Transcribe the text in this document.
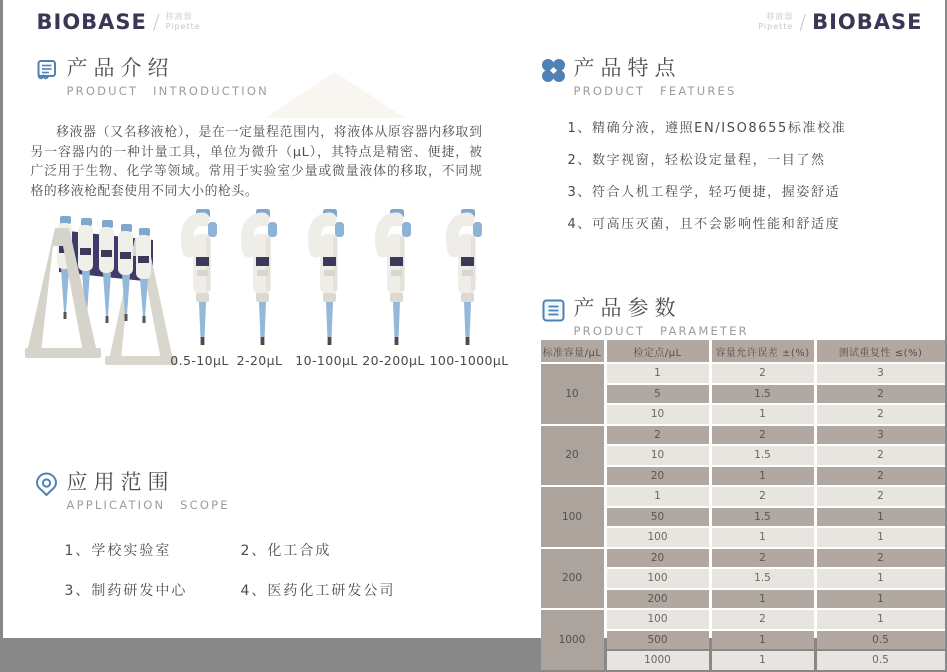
BIOBASE / 移液器
Pipette
移液器
Pipette / BIOBASE
产品介绍
PRODUCT INTRODUCTION

移液器（又名移液枪），是在一定量程范围内，将液体从原容器内移取到另一容器内的一种计量工具，单位为微升（μL），其特点是精密、便捷，被广泛用于生物、化学等领域。常用于实验室少量或微量液体的移取，不同规格的移液枪配套使用不同大小的枪头。

0.5-10μL 2-20μL	10-100μL 20-200μL 100-1000μL
应用范围
APPLICATION SCOPE
1、学校实验室	2、化工合成
3、制药研发中心	4、医药化工研发公司
产品特点
PRODUCT FEATURES
1、精确分液，遵照EN/ISO8655标准校准
2、数字视窗，轻松设定量程，一目了然
3、符合人机工程学，轻巧便捷，握姿舒适
4、可高压灭菌，且不会影响性能和舒适度
产品参数
PRODUCT PARAMETER
标准容量/μL	检定点/μL	容量允许误差 ±(%)	测试重复性 ≤(%)
10	1	2	3
	5	1.5	2
	10	1	2
20	2	2	3
	10	1.5	2
	20	1	2
100	1	2	2
	50	1.5	1
	100	1	1
200	20	2	2
	100	1.5	1
	200	1	1
1000	100	2	1
	500	1	0.5
	1000	1	0.5
